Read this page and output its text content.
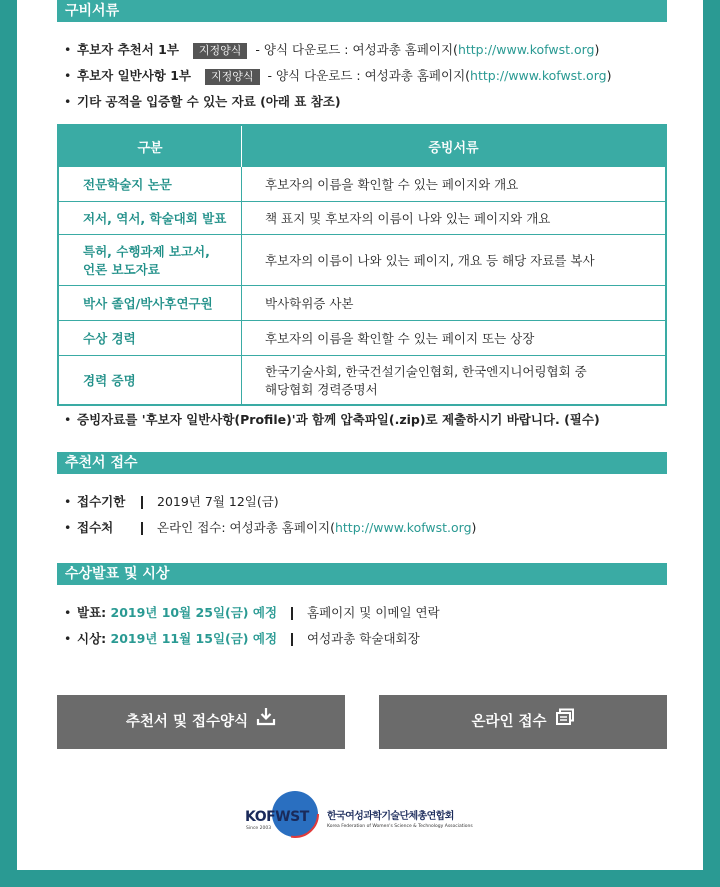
구비서류
• 후보자 추천서 1부 지정양식 - 양식 다운로드 : 여성과총 홈페이지(http://www.kofwst.org)
• 후보자 일반사항 1부 지정양식 - 양식 다운로드 : 여성과총 홈페이지(http://www.kofwst.org)
• 기타 공적을 입증할 수 있는 자료 (아래 표 참조)
구분	증빙서류
전문학술지 논문	후보자의 이름을 확인할 수 있는 페이지와 개요
저서, 역서, 학술대회 발표	책 표지 및 후보자의 이름이 나와 있는 페이지와 개요
특허, 수행과제 보고서,
언론 보도자료	후보자의 이름이 나와 있는 페이지, 개요 등 해당 자료를 복사
박사 졸업/박사후연구원	박사학위증 사본
수상 경력	후보자의 이름을 확인할 수 있는 페이지 또는 상장
경력 증명	한국기술사회, 한국건설기술인협회, 한국엔지니어링협회 중
해당협회 경력증명서
• 증빙자료를 '후보자 일반사항(Profile)'과 함께 압축파일(.zip)로 제출하시기 바랍니다. (필수)
추천서 접수
• 접수기한	2019년 7월 12일(금)
• 접수처	온라인 접수: 여성과총 홈페이지(http://www.kofwst.org)
수상발표 및 시상
• 발표: 2019년 10월 25일(금) 예정 홈페이지 및 이메일 연락
• 시상: 2019년 11월 15일(금) 예정 여성과총 학술대회장
추천서 및 접수양식	온라인 접수
KOFWST
Since 2003
한국여성과학기술단체총연합회
Korea Federation of Women's Science & Technology Associations
